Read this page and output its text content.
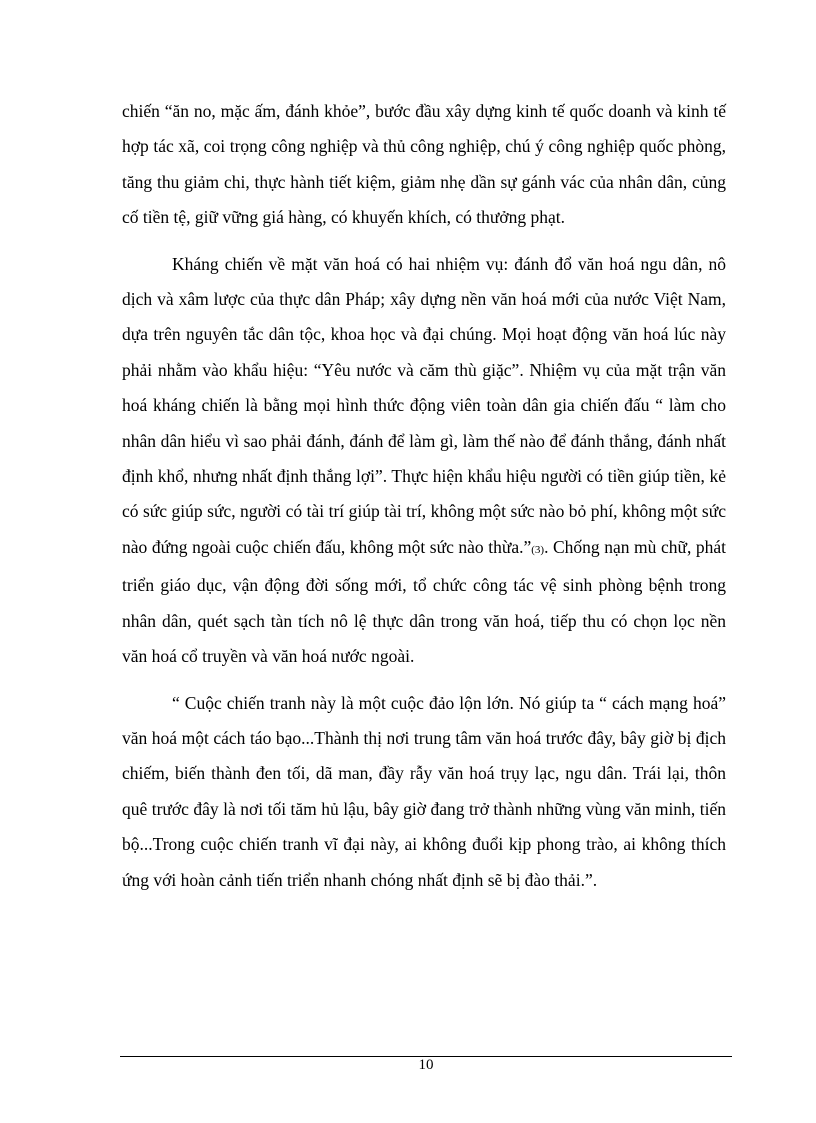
chiến “ăn no, mặc ấm, đánh khỏe”, bước đầu xây dựng kinh tế quốc doanh và kinh tế hợp tác xã, coi trọng công nghiệp và thủ công nghiệp, chú ý công nghiệp quốc phòng, tăng thu giảm chi, thực hành tiết kiệm, giảm nhẹ dần sự gánh vác của nhân dân, củng cố tiền tệ, giữ vững giá hàng, có khuyến khích, có thưởng phạt.

Kháng chiến về mặt văn hoá có hai nhiệm vụ: đánh đổ văn hoá ngu dân, nô dịch và xâm lược của thực dân Pháp; xây dựng nền văn hoá mới của nước Việt Nam, dựa trên nguyên tắc dân tộc, khoa học và đại chúng. Mọi hoạt động văn hoá lúc này phải nhằm vào khẩu hiệu: “Yêu nước và căm thù giặc”. Nhiệm vụ của mặt trận văn hoá kháng chiến là bằng mọi hình thức động viên toàn dân gia chiến đấu “ làm cho nhân dân hiểu vì sao phải đánh, đánh để làm gì, làm thế nào để đánh thắng, đánh nhất định khổ, nhưng nhất định thắng lợi”. Thực hiện khẩu hiệu người có tiền giúp tiền, kẻ có sức giúp sức, người có tài trí giúp tài trí, không một sức nào bỏ phí, không một sức nào đứng ngoài cuộc chiến đấu, không một sức nào thừa.”(3). Chống nạn mù chữ, phát triển giáo dục, vận động đời sống mới, tổ chức công tác vệ sinh phòng bệnh trong nhân dân, quét sạch tàn tích nô lệ thực dân trong văn hoá, tiếp thu có chọn lọc nền văn hoá cổ truyền và văn hoá nước ngoài.

“ Cuộc chiến tranh này là một cuộc đảo lộn lớn. Nó giúp ta “ cách mạng hoá” văn hoá một cách táo bạo...Thành thị nơi trung tâm văn hoá trước đây, bây giờ bị địch chiếm, biến thành đen tối, dã man, đầy rẫy văn hoá trụy lạc, ngu dân. Trái lại, thôn quê trước đây là nơi tối tăm hủ lậu, bây giờ đang trở thành những vùng văn minh, tiến bộ...Trong cuộc chiến tranh vĩ đại này, ai không đuổi kịp phong trào, ai không thích ứng với hoàn cảnh tiến triển nhanh chóng nhất định sẽ bị đào thải.”.

10
